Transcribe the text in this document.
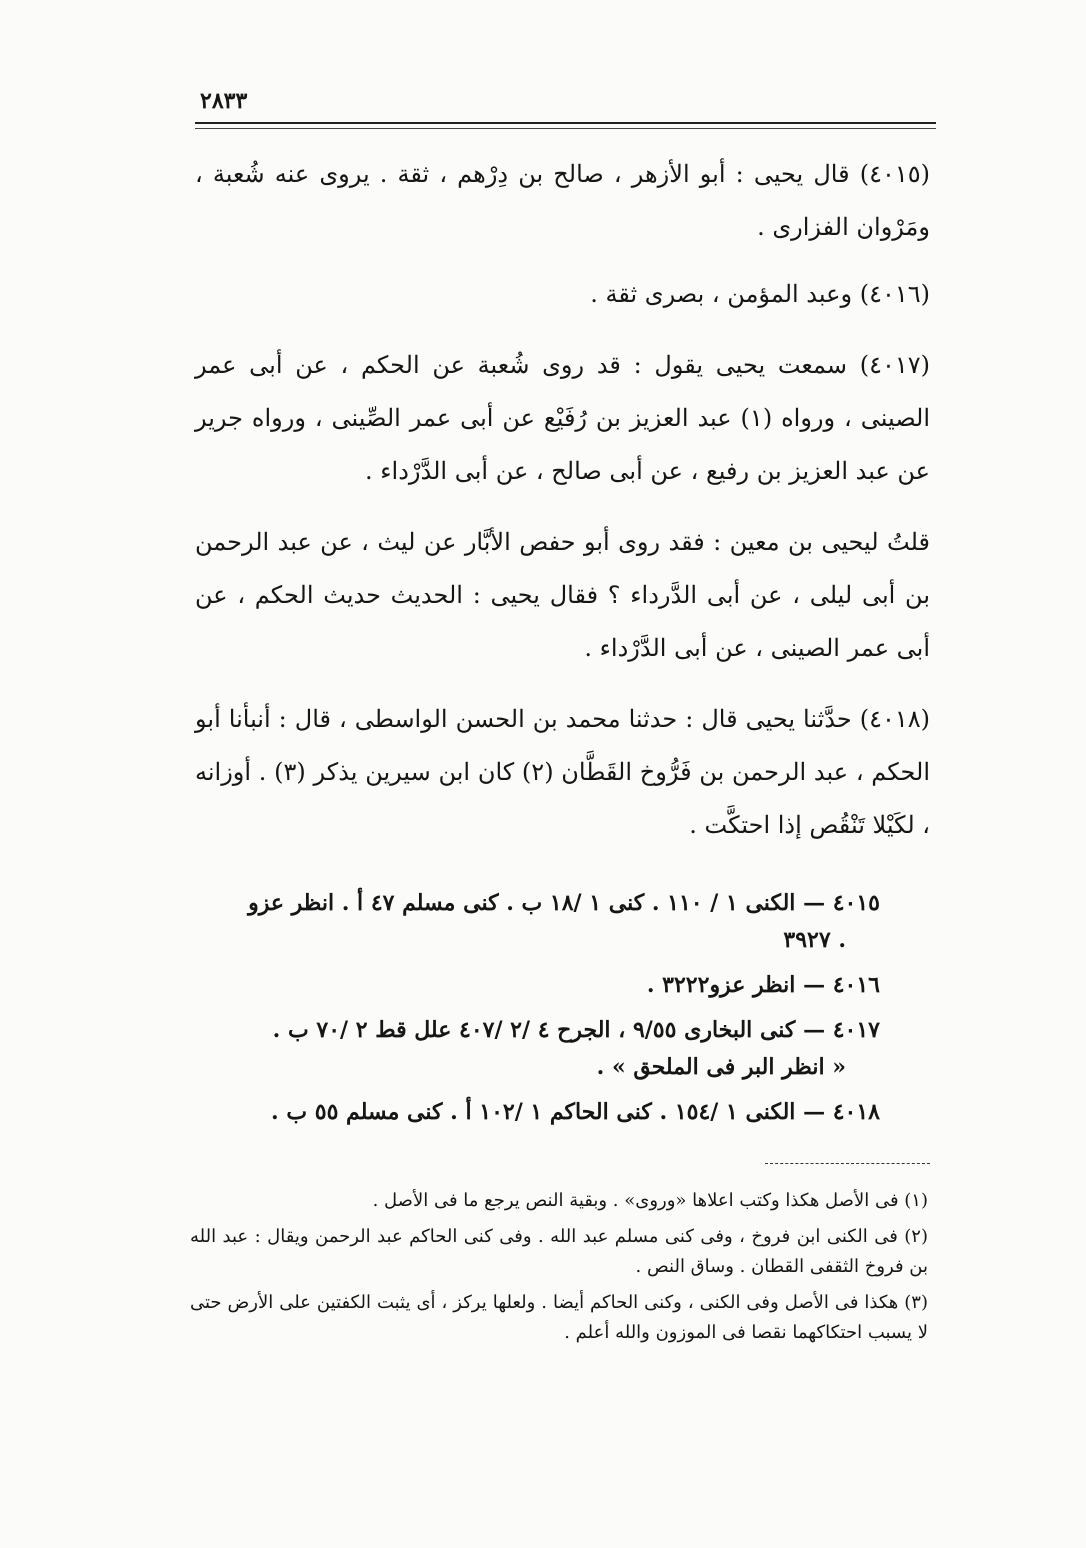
٢٨٣٣

(٤٠١٥) قال يحيى : أبو الأزهر ، صالح بن دِرْهم ، ثقة . يروى عنه شُعبة ، ومَرْوان الفزارى .

(٤٠١٦) وعبد المؤمن ، بصرى ثقة .

(٤٠١٧) سمعت يحيى يقول : قد روى شُعبة عن الحكم ، عن أبى عمر الصينى ، ورواه (١) عبد العزيز بن رُفَيْع عن أبى عمر الصِّينى ، ورواه جرير عن عبد العزيز بن رفيع ، عن أبى صالح ، عن أبى الدَّرْداء .

قلتُ ليحيى بن معين : فقد روى أبو حفص الأبَّار عن ليث ، عن عبد الرحمن بن أبى ليلى ، عن أبى الدَّرداء ؟ فقال يحيى : الحديث حديث الحكم ، عن أبى عمر الصينى ، عن أبى الدَّرْداء .

(٤٠١٨) حدَّثنا يحيى قال : حدثنا محمد بن الحسن الواسطى ، قال : أنبأنا أبو الحكم ، عبد الرحمن بن فَرُّوخ القَطَّان (٢) كان ابن سيرين يذكر (٣) . أوزانه ، لكَيْلا تَنْقُص إذا احتكَّت .

٤٠١٥ — الكنى ١ / ١١٠ . كنى ١ /١٨ ب . كنى مسلم ٤٧ أ . انظر عزو
. ٣٩٢٧
٤٠١٦ — انظر عزو٣٢٢٢ .
٤٠١٧ — كنى البخارى ٩/٥٥ ، الجرح ٤ /٢ /٤٠٧ علل قط ٢ /٧٠ ب .
« انظر البر فى الملحق » .
٤٠١٨ — الكنى ١ /١٥٤ . كنى الحاكم ١ /١٠٢ أ . كنى مسلم ٥٥ ب .

(١) فى الأصل هكذا وكتب اعلاها «وروى» . وبقية النص يرجع ما فى الأصل .

(٢) فى الكنى ابن فروخ ، وفى كنى مسلم عبد الله . وفى كنى الحاكم عبد الرحمن ويقال : عبد الله بن فروخ الثقفى القطان . وساق النص .

(٣) هكذا فى الأصل وفى الكنى ، وكنى الحاكم أيضا . ولعلها يركز ، أى يثبت الكفتين على الأرض حتى لا يسبب احتكاكهما نقصا فى الموزون والله أعلم .
